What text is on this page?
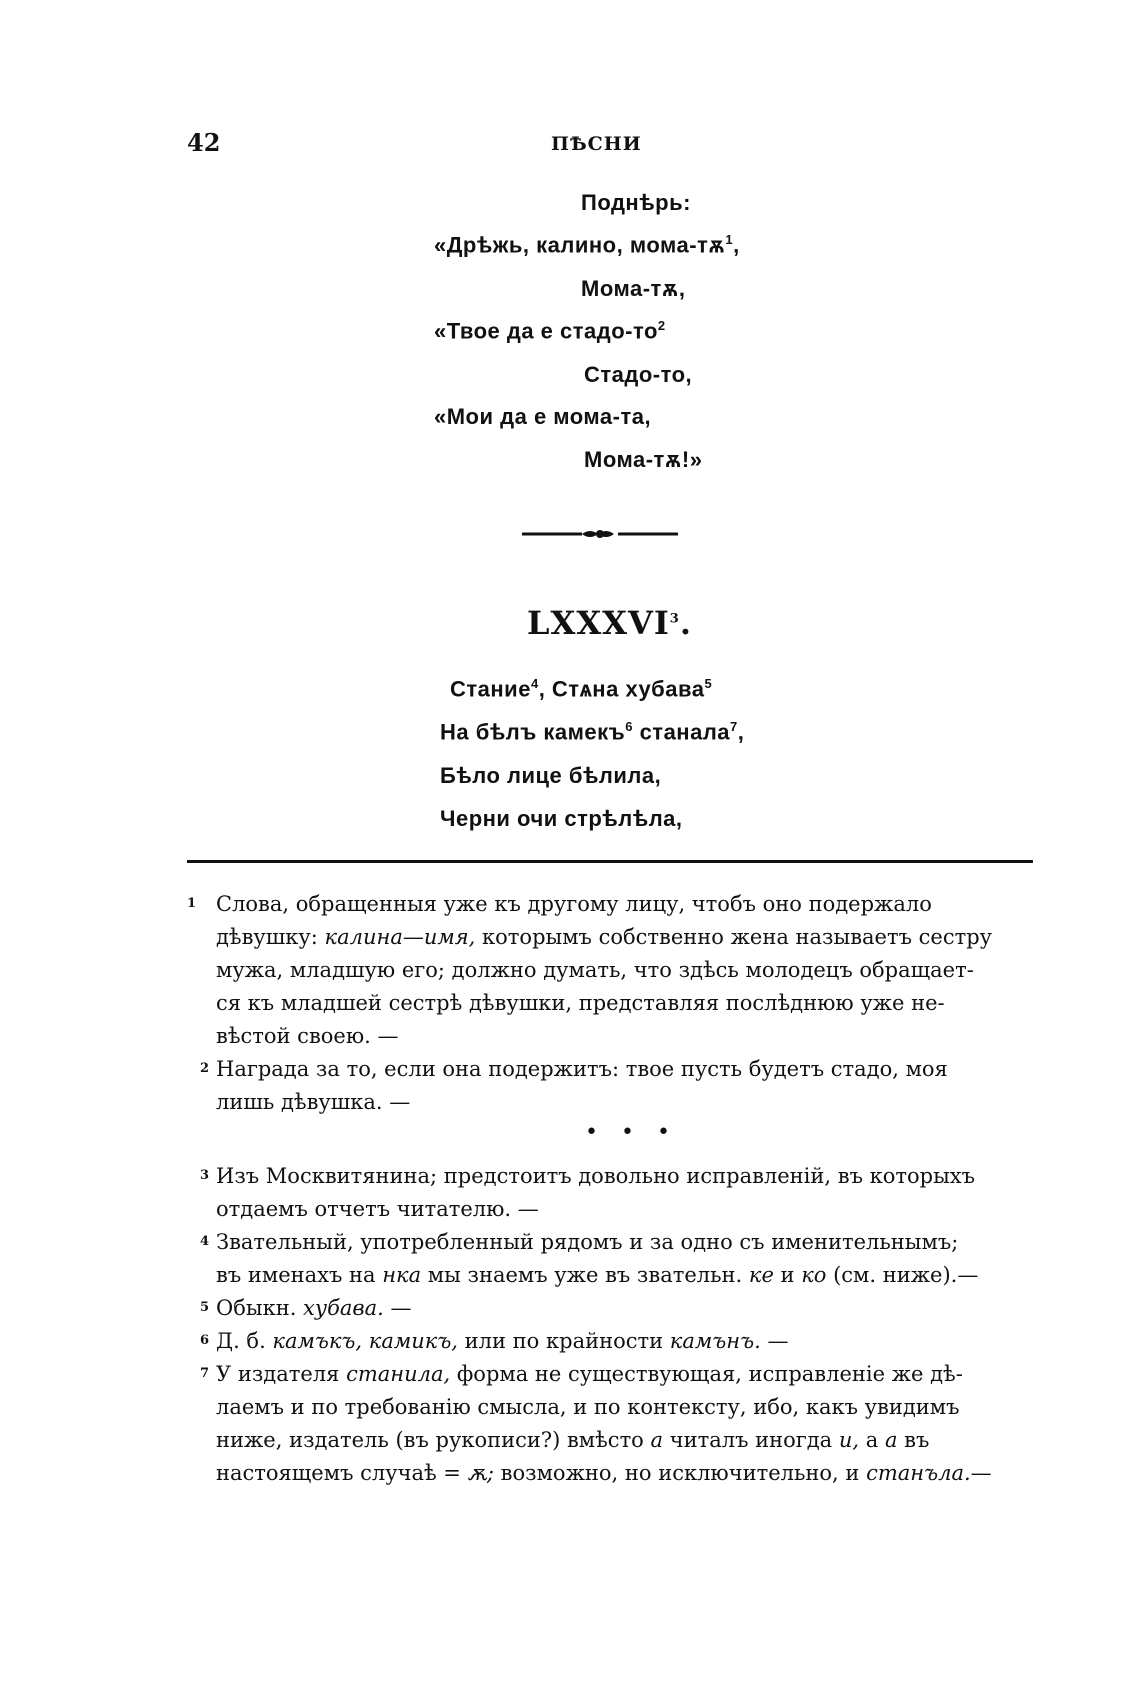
42	ПѢСНИ
Поднѣрь:
«Дрѣжь, калино, мома-$тѫ^1$,
Мома-тѫ,
«Твое да е стадо-$то^2$
Стадо-то,
«Мои да е мома-та,
Мома-тѫ!»
LXXXVI$^3$.
Стание$^4$, Стѧна хубава$^5$
На бѣлъ камекъ$^6$ станала$^7$,
Бѣло лице бѣлила,
Черни очи стрѣлѣла,
$^1$ Слова, обращенныя уже къ другому лицу, чтобъ оно подержало
дѣвушку: калина—имя, которымъ собственно жена называетъ сестру
мужа, младшую его; должно думать, что здѣсь молодецъ обращает-
ся къ младшей сестрѣ дѣвушки, представляя послѣднюю уже не-
вѣстой своею. —
$^2$ Награда за то, если она подержитъ: твое пусть будетъ стадо, моя
лишь дѣвушка. —
• • •
$^3$ Изъ Москвитянина; предстоитъ довольно исправленій, въ которыхъ
отдаемъ отчетъ читателю. —
$^4$ Звательный, употребленный рядомъ и за одно съ именительнымъ;
въ именахъ на нка мы знаемъ уже въ звательн. ке и ко (см. ниже).—
$^5$ Обыкн. хубава. —
$^6$ Д. б. камъкъ, камикъ, или по крайности камънъ. —
$^7$ У издателя станила, форма не существующая, исправленіе же дѣ-
лаемъ и по требованію смысла, и по контексту, ибо, какъ увидимъ
ниже, издатель (въ рукописи?) вмѣсто а читалъ иногда и, а а въ
настоящемъ случаѣ = ѫ; возможно, но исключительно, и станъла.—
